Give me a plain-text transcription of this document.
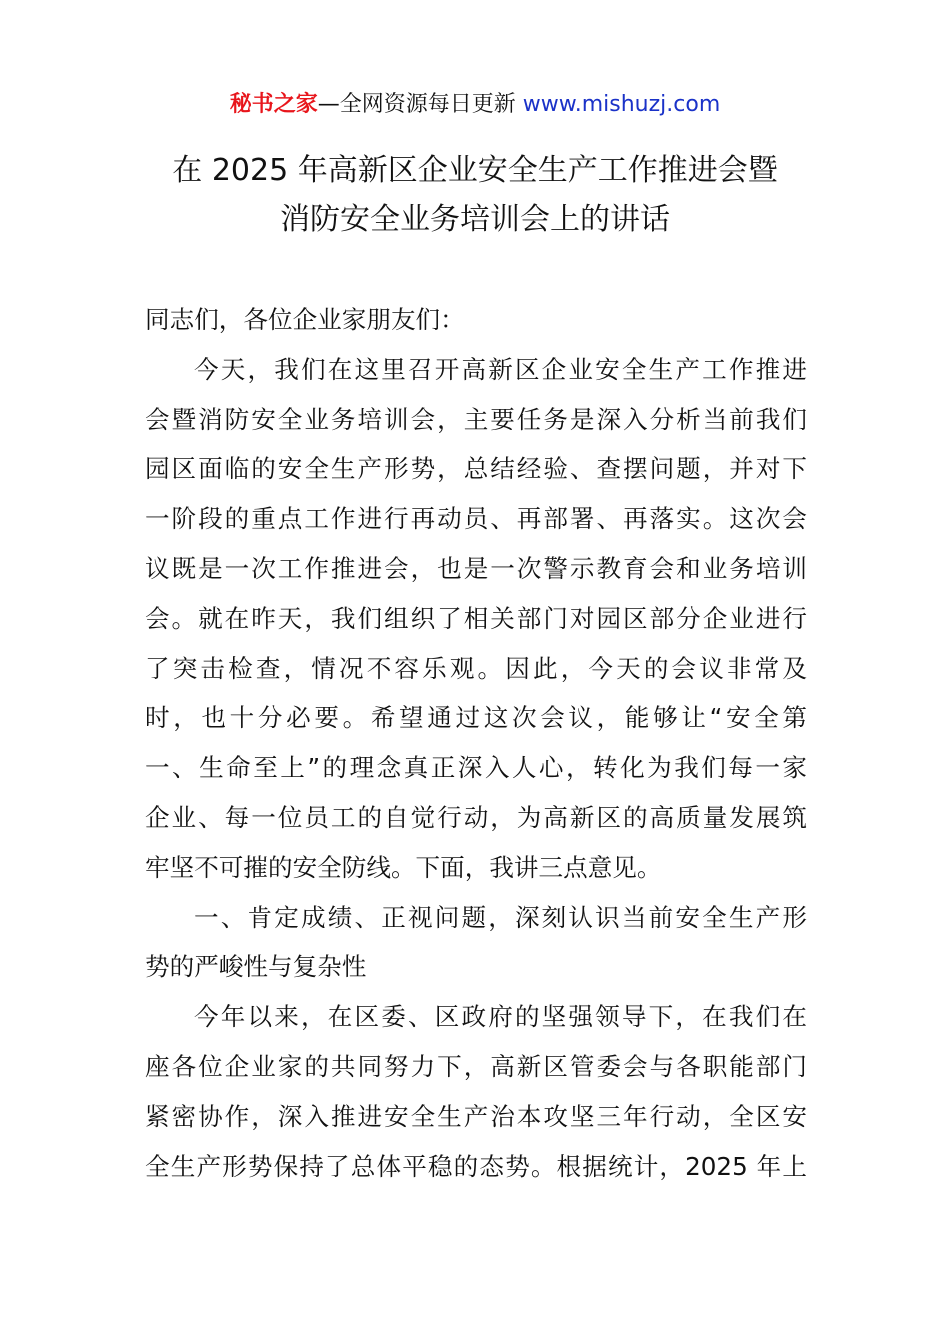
秘书之家—全网资源每日更新 www.mishuzj.com
在 2025 年高新区企业安全生产工作推进会暨
消防安全业务培训会上的讲话
同志们，各位企业家朋友们：
今天，我们在这里召开高新区企业安全生产工作推进
会暨消防安全业务培训会，主要任务是深入分析当前我们
园区面临的安全生产形势，总结经验、查摆问题，并对下
一阶段的重点工作进行再动员、再部署、再落实。这次会
议既是一次工作推进会，也是一次警示教育会和业务培训
会。就在昨天，我们组织了相关部门对园区部分企业进行
了突击检查，情况不容乐观。因此，今天的会议非常及
时，也十分必要。希望通过这次会议，能够让“安全第
一、生命至上”的理念真正深入人心，转化为我们每一家
企业、每一位员工的自觉行动，为高新区的高质量发展筑
牢坚不可摧的安全防线。下面，我讲三点意见。
一、肯定成绩、正视问题，深刻认识当前安全生产形
势的严峻性与复杂性
今年以来，在区委、区政府的坚强领导下，在我们在
座各位企业家的共同努力下，高新区管委会与各职能部门
紧密协作，深入推进安全生产治本攻坚三年行动，全区安
全生产形势保持了总体平稳的态势。根据统计，2025 年上
